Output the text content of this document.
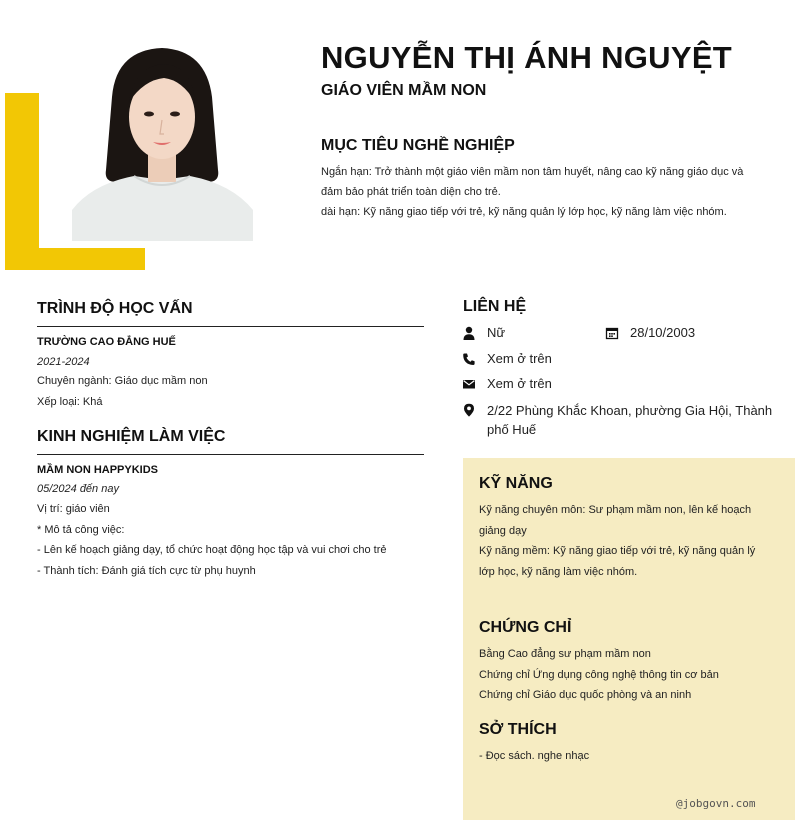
NGUYỄN THỊ ÁNH NGUYỆT
GIÁO VIÊN MẦM NON
MỤC TIÊU NGHỀ NGHIỆP

Ngắn hạn: Trở thành một giáo viên mầm non tâm huyết, nâng cao kỹ năng giáo dục và đảm bảo phát triển toàn diện cho trẻ.

dài hạn: Kỹ năng giao tiếp với trẻ, kỹ năng quản lý lớp học, kỹ năng làm việc nhóm.

TRÌNH ĐỘ HỌC VẤN
TRƯỜNG CAO ĐẲNG HUẾ
2021-2024
Chuyên ngành: Giáo dục mầm non
Xếp loại: Khá
KINH NGHIỆM LÀM VIỆC
MẦM NON HAPPYKIDS
05/2024 đến nay

Vị trí: giáo viên

* Mô tả công việc:

- Lên kế hoạch giảng dạy, tổ chức hoạt động học tập và vui chơi cho trẻ

- Thành tích: Đánh giá tích cực từ phụ huynh

LIÊN HỆ
Nữ	28/10/2003
Xem ở trên
Xem ở trên
2/22 Phùng Khắc Khoan, phường Gia Hội, Thành phố Huế
KỸ NĂNG

Kỹ năng chuyên môn: Sư phạm mầm non, lên kế hoạch giảng dạy

Kỹ năng mềm: Kỹ năng giao tiếp với trẻ, kỹ năng quản lý lớp học, kỹ năng làm việc nhóm.

CHỨNG CHỈ

Bằng Cao đẳng sư phạm mầm non

Chứng chỉ Ứng dụng công nghệ thông tin cơ bản

Chứng chỉ Giáo dục quốc phòng và an ninh

SỞ THÍCH
- Đọc sách. nghe nhạc
@jobgovn.com
